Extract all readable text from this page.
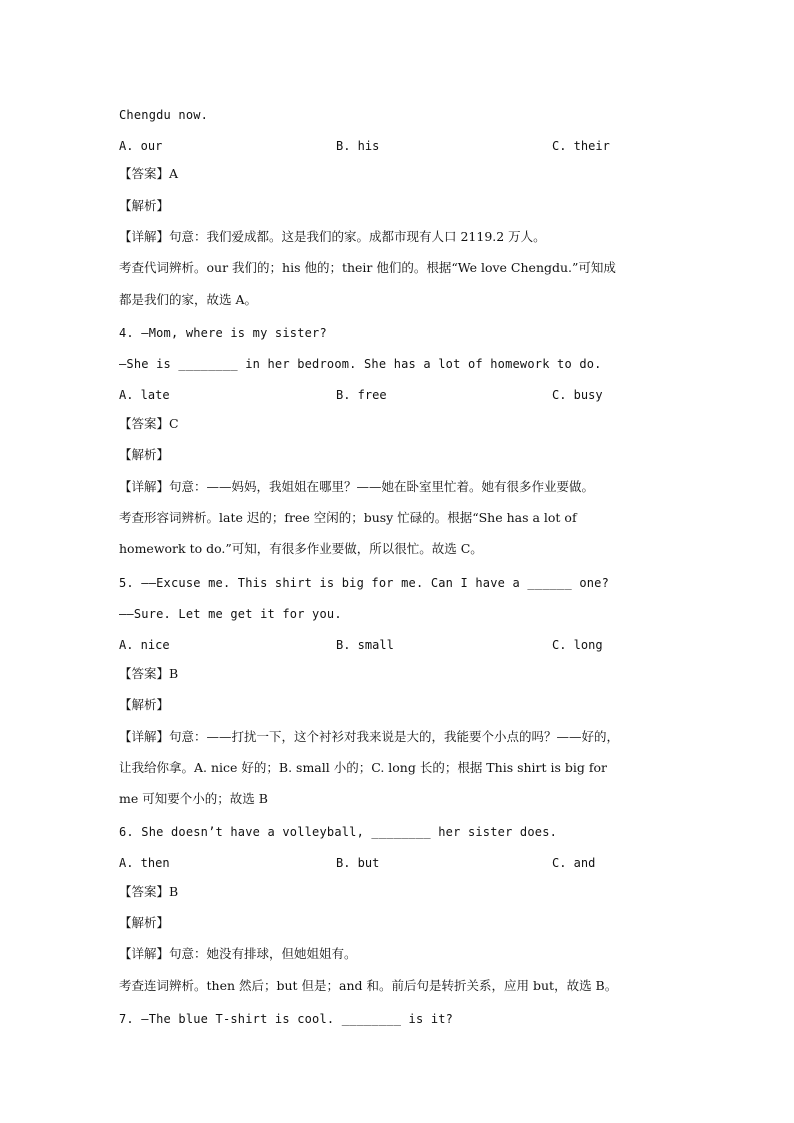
Chengdu now.
A. our	B. his	C. their
【答案】A
【解析】
【详解】句意：我们爱成都。这是我们的家。成都市现有人口 2119.2 万人。
考查代词辨析。our 我们的；his 他的；their 他们的。根据“We love Chengdu.”可知成
都是我们的家，故选 A。
4. —Mom, where is my sister?
—She is ________ in her bedroom. She has a lot of homework to do.
A. late	B. free	C. busy
【答案】C
【解析】
【详解】句意：——妈妈，我姐姐在哪里？——她在卧室里忙着。她有很多作业要做。
考查形容词辨析。late 迟的；free 空闲的；busy 忙碌的。根据“She has a lot of
homework to do.”可知，有很多作业要做，所以很忙。故选 C。
5. ——Excuse me. This shirt is big for me. Can I have a ______ one?
——Sure. Let me get it for you.
A. nice	B. small	C. long
【答案】B
【解析】
【详解】句意：——打扰一下，这个衬衫对我来说是大的，我能要个小点的吗？——好的，
让我给你拿。A. nice 好的；B. small 小的；C. long 长的；根据 This shirt is big for
me 可知要个小的；故选 B
6. She doesn’t have a volleyball, ________ her sister does.
A. then	B. but	C. and
【答案】B
【解析】
【详解】句意：她没有排球，但她姐姐有。
考查连词辨析。then 然后；but 但是；and 和。前后句是转折关系，应用 but，故选 B。
7. —The blue T-shirt is cool. ________ is it?
